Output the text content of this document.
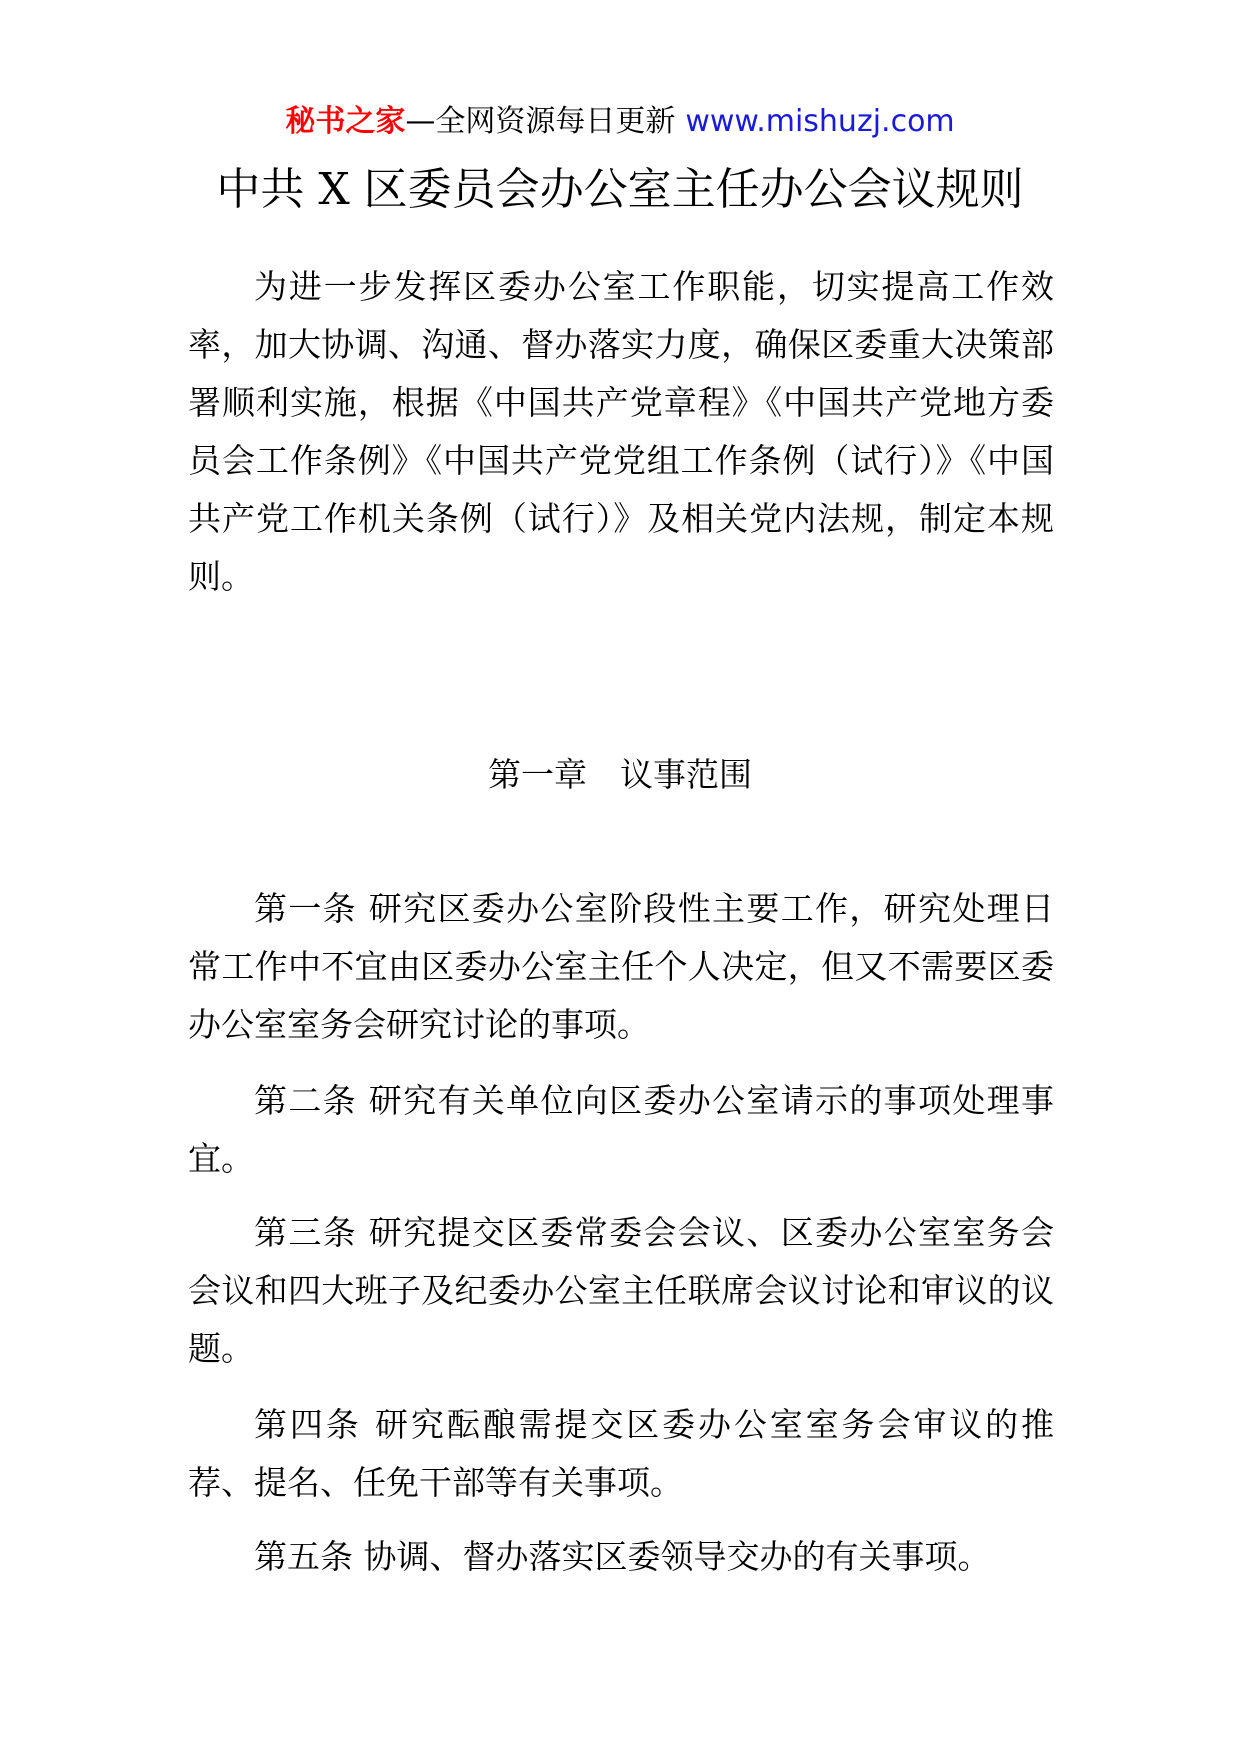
秘书之家—全网资源每日更新 www.mishuzj.com
中共 X 区委员会办公室主任办公会议规则

为进一步发挥区委办公室工作职能，切实提高工作效率，加大协调、沟通、督办落实力度，确保区委重大决策部署顺利实施，根据《中国共产党章程》《中国共产党地方委员会工作条例》《中国共产党党组工作条例（试行）》《中国共产党工作机关条例（试行）》及相关党内法规，制定本规则。

第一章　议事范围

第一条 研究区委办公室阶段性主要工作，研究处理日常工作中不宜由区委办公室主任个人决定，但又不需要区委办公室室务会研究讨论的事项。

第二条 研究有关单位向区委办公室请示的事项处理事宜。

第三条 研究提交区委常委会会议、区委办公室室务会会议和四大班子及纪委办公室主任联席会议讨论和审议的议题。

第四条 研究酝酿需提交区委办公室室务会审议的推荐、提名、任免干部等有关事项。

第五条 协调、督办落实区委领导交办的有关事项。
